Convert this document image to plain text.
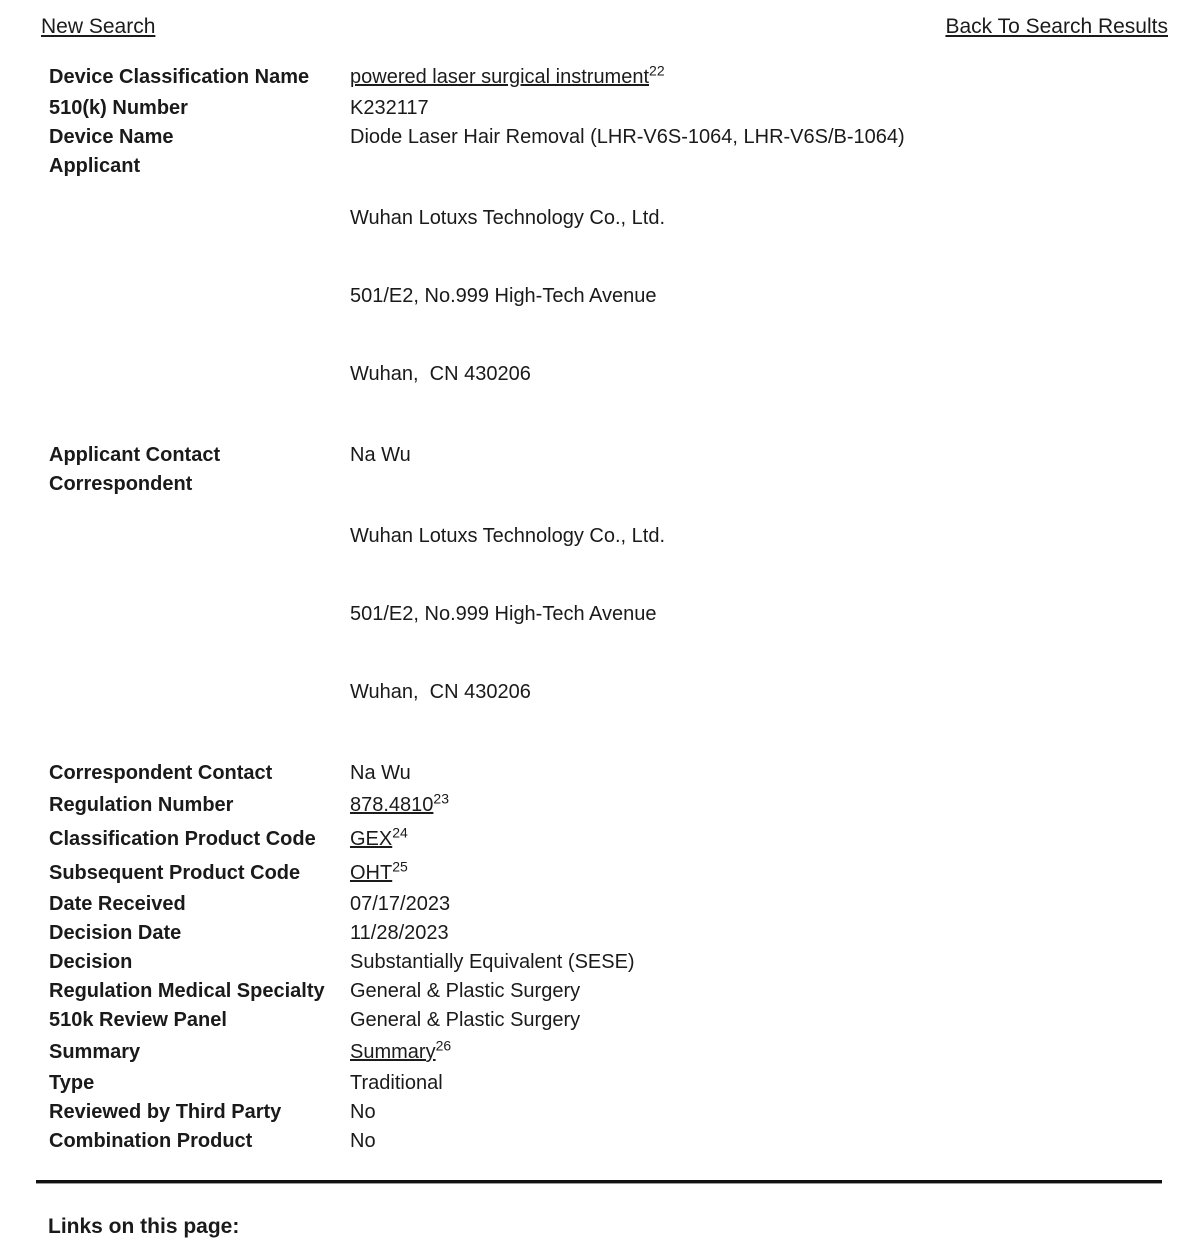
New Search	Back To Search Results
Device Classification Name	powered laser surgical instrument$^{22}$
510(k) Number	K232117
Device Name	Diode Laser Hair Removal (LHR-V6S-1064, LHR-V6S/B-1064)
Applicant	Wuhan Lotuxs Technology Co., Ltd.

501/E2, No.999 High-Tech Avenue

Wuhan,  CN 430206

Applicant Contact	Na Wu
Correspondent	Wuhan Lotuxs Technology Co., Ltd.

501/E2, No.999 High-Tech Avenue

Wuhan,  CN 430206

Correspondent Contact	Na Wu
Regulation Number	878.4810$^{23}$
Classification Product Code	GEX$^{24}$
Subsequent Product Code	OHT$^{25}$
Date Received	07/17/2023
Decision Date	11/28/2023
Decision	Substantially Equivalent (SESE)
Regulation Medical Specialty	General & Plastic Surgery
510k Review Panel	General & Plastic Surgery
Summary	Summary$^{26}$
Type	Traditional
Reviewed by Third Party	No
Combination Product	No
Links on this page:
